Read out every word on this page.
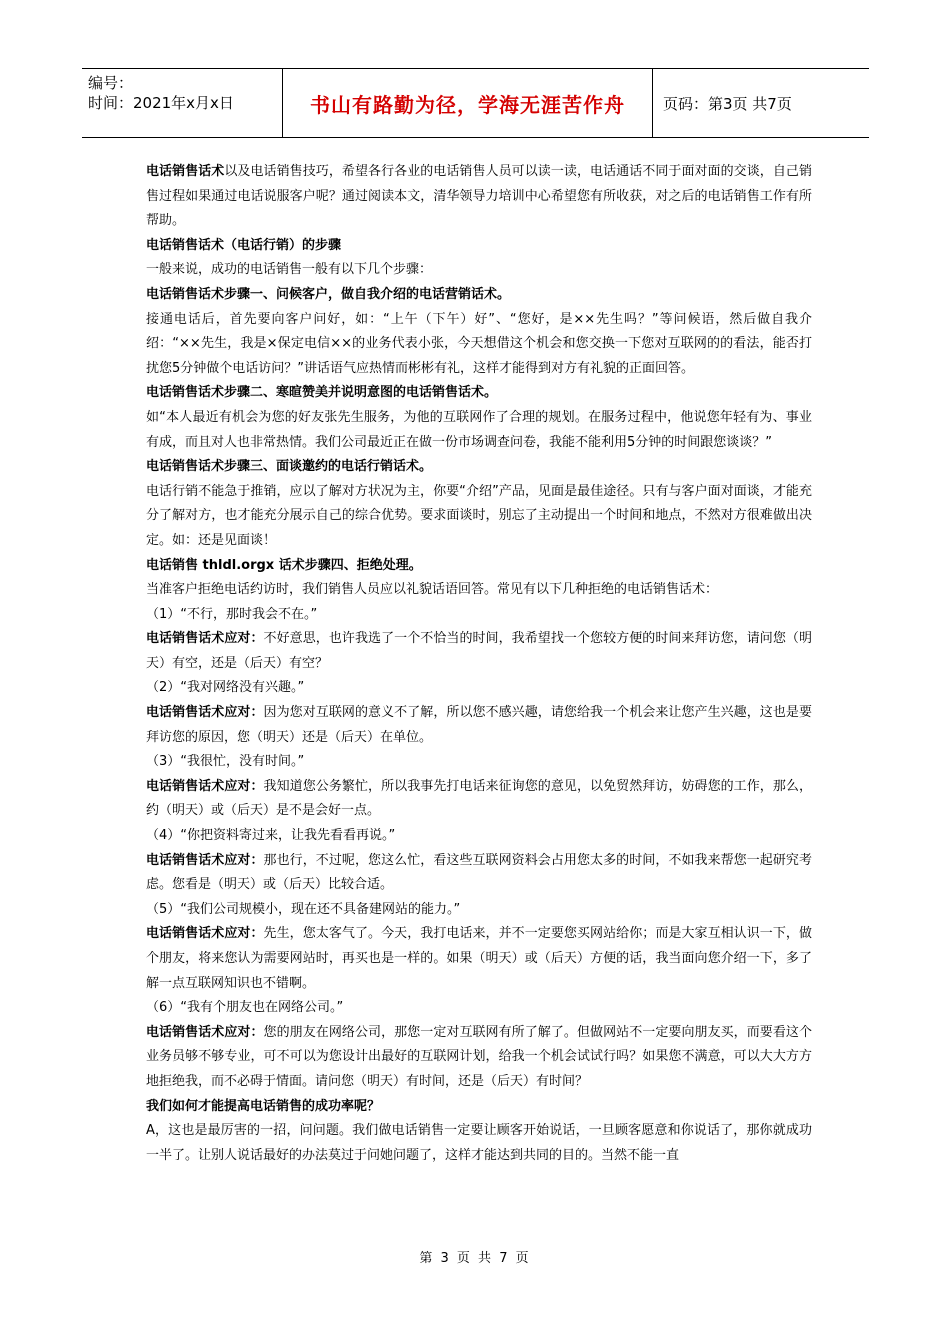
编号：
时间：2021年x月x日	书山有路勤为径，学海无涯苦作舟	页码：第3页 共7页

电话销售话术以及电话销售技巧，希望各行各业的电话销售人员可以读一读，电话通话不同于面对面的交谈，自己销售过程如果通过电话说服客户呢？通过阅读本文，清华领导力培训中心希望您有所收获，对之后的电话销售工作有所帮助。

电话销售话术（电话行销）的步骤

一般来说，成功的电话销售一般有以下几个步骤：

电话销售话术步骤一、问候客户，做自我介绍的电话营销话术。

接通电话后，首先要向客户问好，如：“上午（下午）好”、“您好，是××先生吗？”等问候语，然后做自我介绍：“××先生，我是×保定电信××的业务代表小张，今天想借这个机会和您交换一下您对互联网的的看法，能否打扰您5分钟做个电话访问？”讲话语气应热情而彬彬有礼，这样才能得到对方有礼貌的正面回答。

电话销售话术步骤二、寒暄赞美并说明意图的电话销售话术。

如“本人最近有机会为您的好友张先生服务，为他的互联网作了合理的规划。在服务过程中，他说您年轻有为、事业有成，而且对人也非常热情。我们公司最近正在做一份市场调查问卷，我能不能利用5分钟的时间跟您谈谈？”

电话销售话术步骤三、面谈邀约的电话行销话术。

电话行销不能急于推销，应以了解对方状况为主，你要“介绍”产品，见面是最佳途径。只有与客户面对面谈，才能充分了解对方，也才能充分展示自己的综合优势。要求面谈时，别忘了主动提出一个时间和地点，不然对方很难做出决定。如：还是见面谈！

电话销售 thldl.orgx 话术步骤四、拒绝处理。

当准客户拒绝电话约访时，我们销售人员应以礼貌话语回答。常见有以下几种拒绝的电话销售话术：

（1）“不行，那时我会不在。”

电话销售话术应对：不好意思，也许我选了一个不恰当的时间，我希望找一个您较方便的时间来拜访您，请问您（明天）有空，还是（后天）有空？

（2）“我对网络没有兴趣。”

电话销售话术应对：因为您对互联网的意义不了解，所以您不感兴趣，请您给我一个机会来让您产生兴趣，这也是要拜访您的原因，您（明天）还是（后天）在单位。

（3）“我很忙，没有时间。”

电话销售话术应对：我知道您公务繁忙，所以我事先打电话来征询您的意见，以免贸然拜访，妨碍您的工作，那么，约（明天）或（后天）是不是会好一点。

（4）“你把资料寄过来，让我先看看再说。”

电话销售话术应对：那也行，不过呢，您这么忙，看这些互联网资料会占用您太多的时间，不如我来帮您一起研究考虑。您看是（明天）或（后天）比较合适。

（5）“我们公司规模小，现在还不具备建网站的能力。”

电话销售话术应对：先生，您太客气了。今天，我打电话来，并不一定要您买网站给你；而是大家互相认识一下，做个朋友，将来您认为需要网站时，再买也是一样的。如果（明天）或（后天）方便的话，我当面向您介绍一下，多了解一点互联网知识也不错啊。

（6）“我有个朋友也在网络公司。”

电话销售话术应对：您的朋友在网络公司，那您一定对互联网有所了解了。但做网站不一定要向朋友买，而要看这个业务员够不够专业，可不可以为您设计出最好的互联网计划，给我一个机会试试行吗？如果您不满意，可以大大方方地拒绝我，而不必碍于情面。请问您（明天）有时间，还是（后天）有时间？

我们如何才能提高电话销售的成功率呢？

A，这也是最厉害的一招，问问题。我们做电话销售一定要让顾客开始说话，一旦顾客愿意和你说话了，那你就成功一半了。让别人说话最好的办法莫过于问她问题了，这样才能达到共同的目的。当然不能一直

第 3 页 共 7 页
